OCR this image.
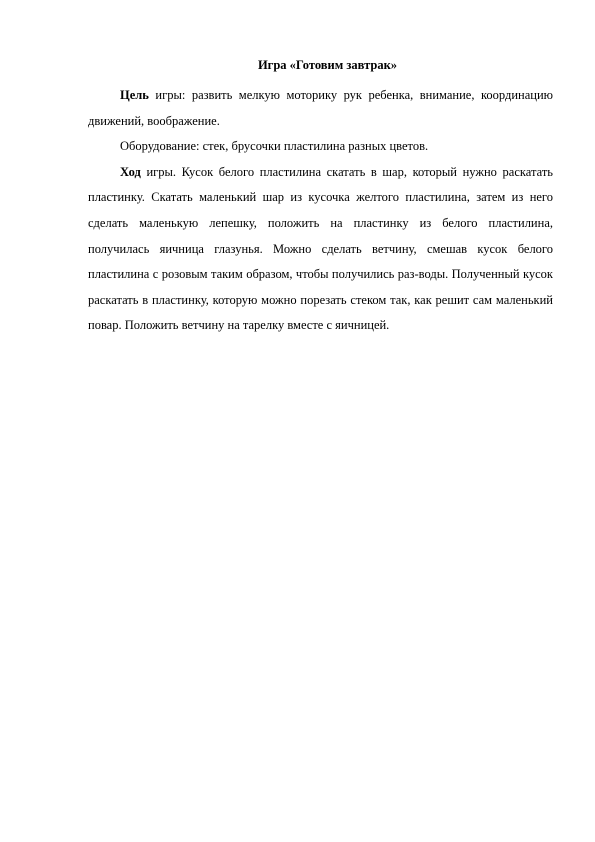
Игра «Готовим завтрак»

Цель игры: развить мелкую моторику рук ребенка, внимание, координацию движений, воображение.

Оборудование: стек, брусочки пластилина разных цветов.

Ход игры. Кусок белого пластилина скатать в шар, который нужно раскатать пластинку. Скатать маленький шар из кусочка желтого пластилина, затем из него сделать маленькую лепешку, положить на пластинку из белого пластилина, получилась яичница глазунья. Можно сделать ветчину, смешав кусок белого пластилина с розовым таким образом, чтобы получились раз-воды. Полученный кусок раскатать в пластинку, которую можно порезать стеком так, как решит сам маленький повар. Положить ветчину на тарелку вместе с яичницей.
